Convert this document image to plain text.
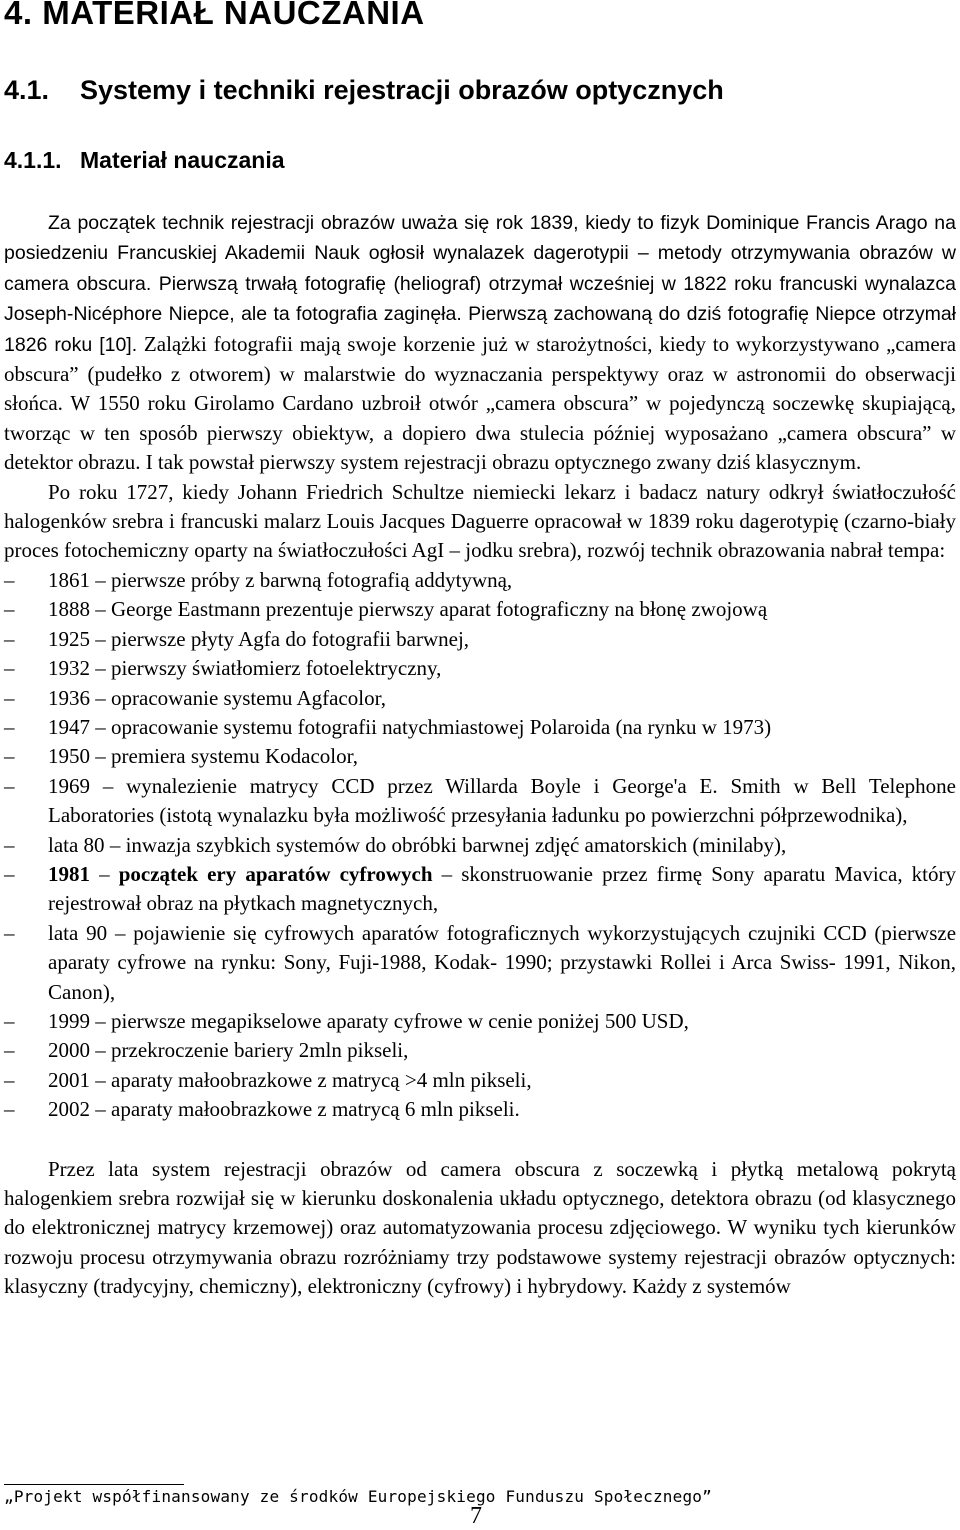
4. MATERIAŁ NAUCZANIA
4.1. Systemy i techniki rejestracji obrazów optycznych
4.1.1. Materiał nauczania

Za początek technik rejestracji obrazów uważa się rok 1839, kiedy to fizyk Dominique Francis Arago na posiedzeniu Francuskiej Akademii Nauk ogłosił wynalazek dagerotypii – metody otrzymywania obrazów w camera obscura. Pierwszą trwałą fotografię (heliograf) otrzymał wcześniej w 1822 roku francuski wynalazca Joseph-Nicéphore Niepce, ale ta fotografia zaginęła. Pierwszą zachowaną do dziś fotografię Niepce otrzymał 1826 roku [10]. Zalążki fotografii mają swoje korzenie już w starożytności, kiedy to wykorzystywano „camera obscura” (pudełko z otworem) w malarstwie do wyznaczania perspektywy oraz w astronomii do obserwacji słońca. W 1550 roku Girolamo Cardano uzbroił otwór „camera obscura” w pojedynczą soczewkę skupiającą, tworząc w ten sposób pierwszy obiektyw, a dopiero dwa stulecia później wyposażano „camera obscura” w detektor obrazu. I tak powstał pierwszy system rejestracji obrazu optycznego zwany dziś klasycznym.

Po roku 1727, kiedy Johann Friedrich Schultze niemiecki lekarz i badacz natury odkrył światłoczułość halogenków srebra i francuski malarz Louis Jacques Daguerre opracował w 1839 roku dagerotypię (czarno-biały proces fotochemiczny oparty na światłoczułości AgI – jodku srebra), rozwój technik obrazowania nabrał tempa:

–	1861 – pierwsze próby z barwną fotografią addytywną,
–	1888 – George Eastmann prezentuje pierwszy aparat fotograficzny na błonę zwojową
–	1925 – pierwsze płyty Agfa do fotografii barwnej,
–	1932 – pierwszy światłomierz fotoelektryczny,
–	1936 – opracowanie systemu Agfacolor,
–	1947 – opracowanie systemu fotografii natychmiastowej Polaroida (na rynku w 1973)
–	1950 – premiera systemu Kodacolor,
–	1969 – wynalezienie matrycy CCD przez Willarda Boyle i George'a E. Smith w Bell Telephone Laboratories (istotą wynalazku była możliwość przesyłania ładunku po powierzchni półprzewodnika),
–	lata 80 – inwazja szybkich systemów do obróbki barwnej zdjęć amatorskich (minilaby),
–	1981 – początek ery aparatów cyfrowych – skonstruowanie przez firmę Sony aparatu Mavica, który rejestrował obraz na płytkach magnetycznych,
–	lata 90 – pojawienie się cyfrowych aparatów fotograficznych wykorzystujących czujniki CCD (pierwsze aparaty cyfrowe na rynku: Sony, Fuji-1988, Kodak- 1990; przystawki Rollei i Arca Swiss- 1991, Nikon, Canon),
–	1999 – pierwsze megapikselowe aparaty cyfrowe w cenie poniżej 500 USD,
–	2000 – przekroczenie bariery 2mln pikseli,
–	2001 – aparaty małoobrazkowe z matrycą >4 mln pikseli,
–	2002 – aparaty małoobrazkowe z matrycą 6 mln pikseli.

Przez lata system rejestracji obrazów od camera obscura z soczewką i płytką metalową pokrytą halogenkiem srebra rozwijał się w kierunku doskonalenia układu optycznego, detektora obrazu (od klasycznego do elektronicznej matrycy krzemowej) oraz automatyzowania procesu zdjęciowego. W wyniku tych kierunków rozwoju procesu otrzymywania obrazu rozróżniamy trzy podstawowe systemy rejestracji obrazów optycznych: klasyczny (tradycyjny, chemiczny), elektroniczny (cyfrowy) i hybrydowy. Każdy z systemów

„Projekt współfinansowany ze środków Europejskiego Funduszu Społecznego”
7
